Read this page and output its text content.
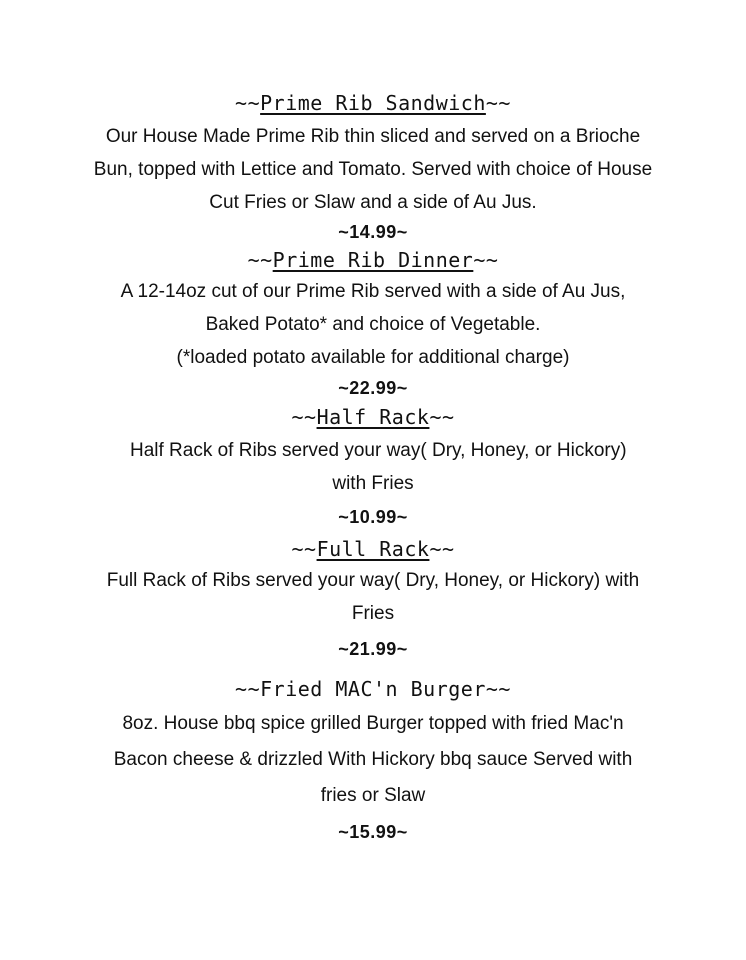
~~Prime Rib Sandwich~~

Our House Made Prime Rib thin sliced and served on a Brioche
Bun, topped with Lettice and Tomato. Served with choice of House
Cut Fries or Slaw and a side of Au Jus.

~14.99~

~~Prime Rib Dinner~~

A 12-14oz cut of our Prime Rib served with a side of Au Jus,
Baked Potato* and choice of Vegetable.
(*loaded potato available for additional charge)

~22.99~

~~Half Rack~~

Half Rack of Ribs served your way( Dry, Honey, or Hickory)
with Fries

~10.99~

~~Full Rack~~

Full Rack of Ribs served your way( Dry, Honey, or Hickory) with
Fries

~21.99~

~~Fried MAC'n Burger~~

8oz. House bbq spice grilled Burger topped with fried Mac'n
Bacon cheese & drizzled With Hickory bbq sauce Served with
fries or Slaw

~15.99~
